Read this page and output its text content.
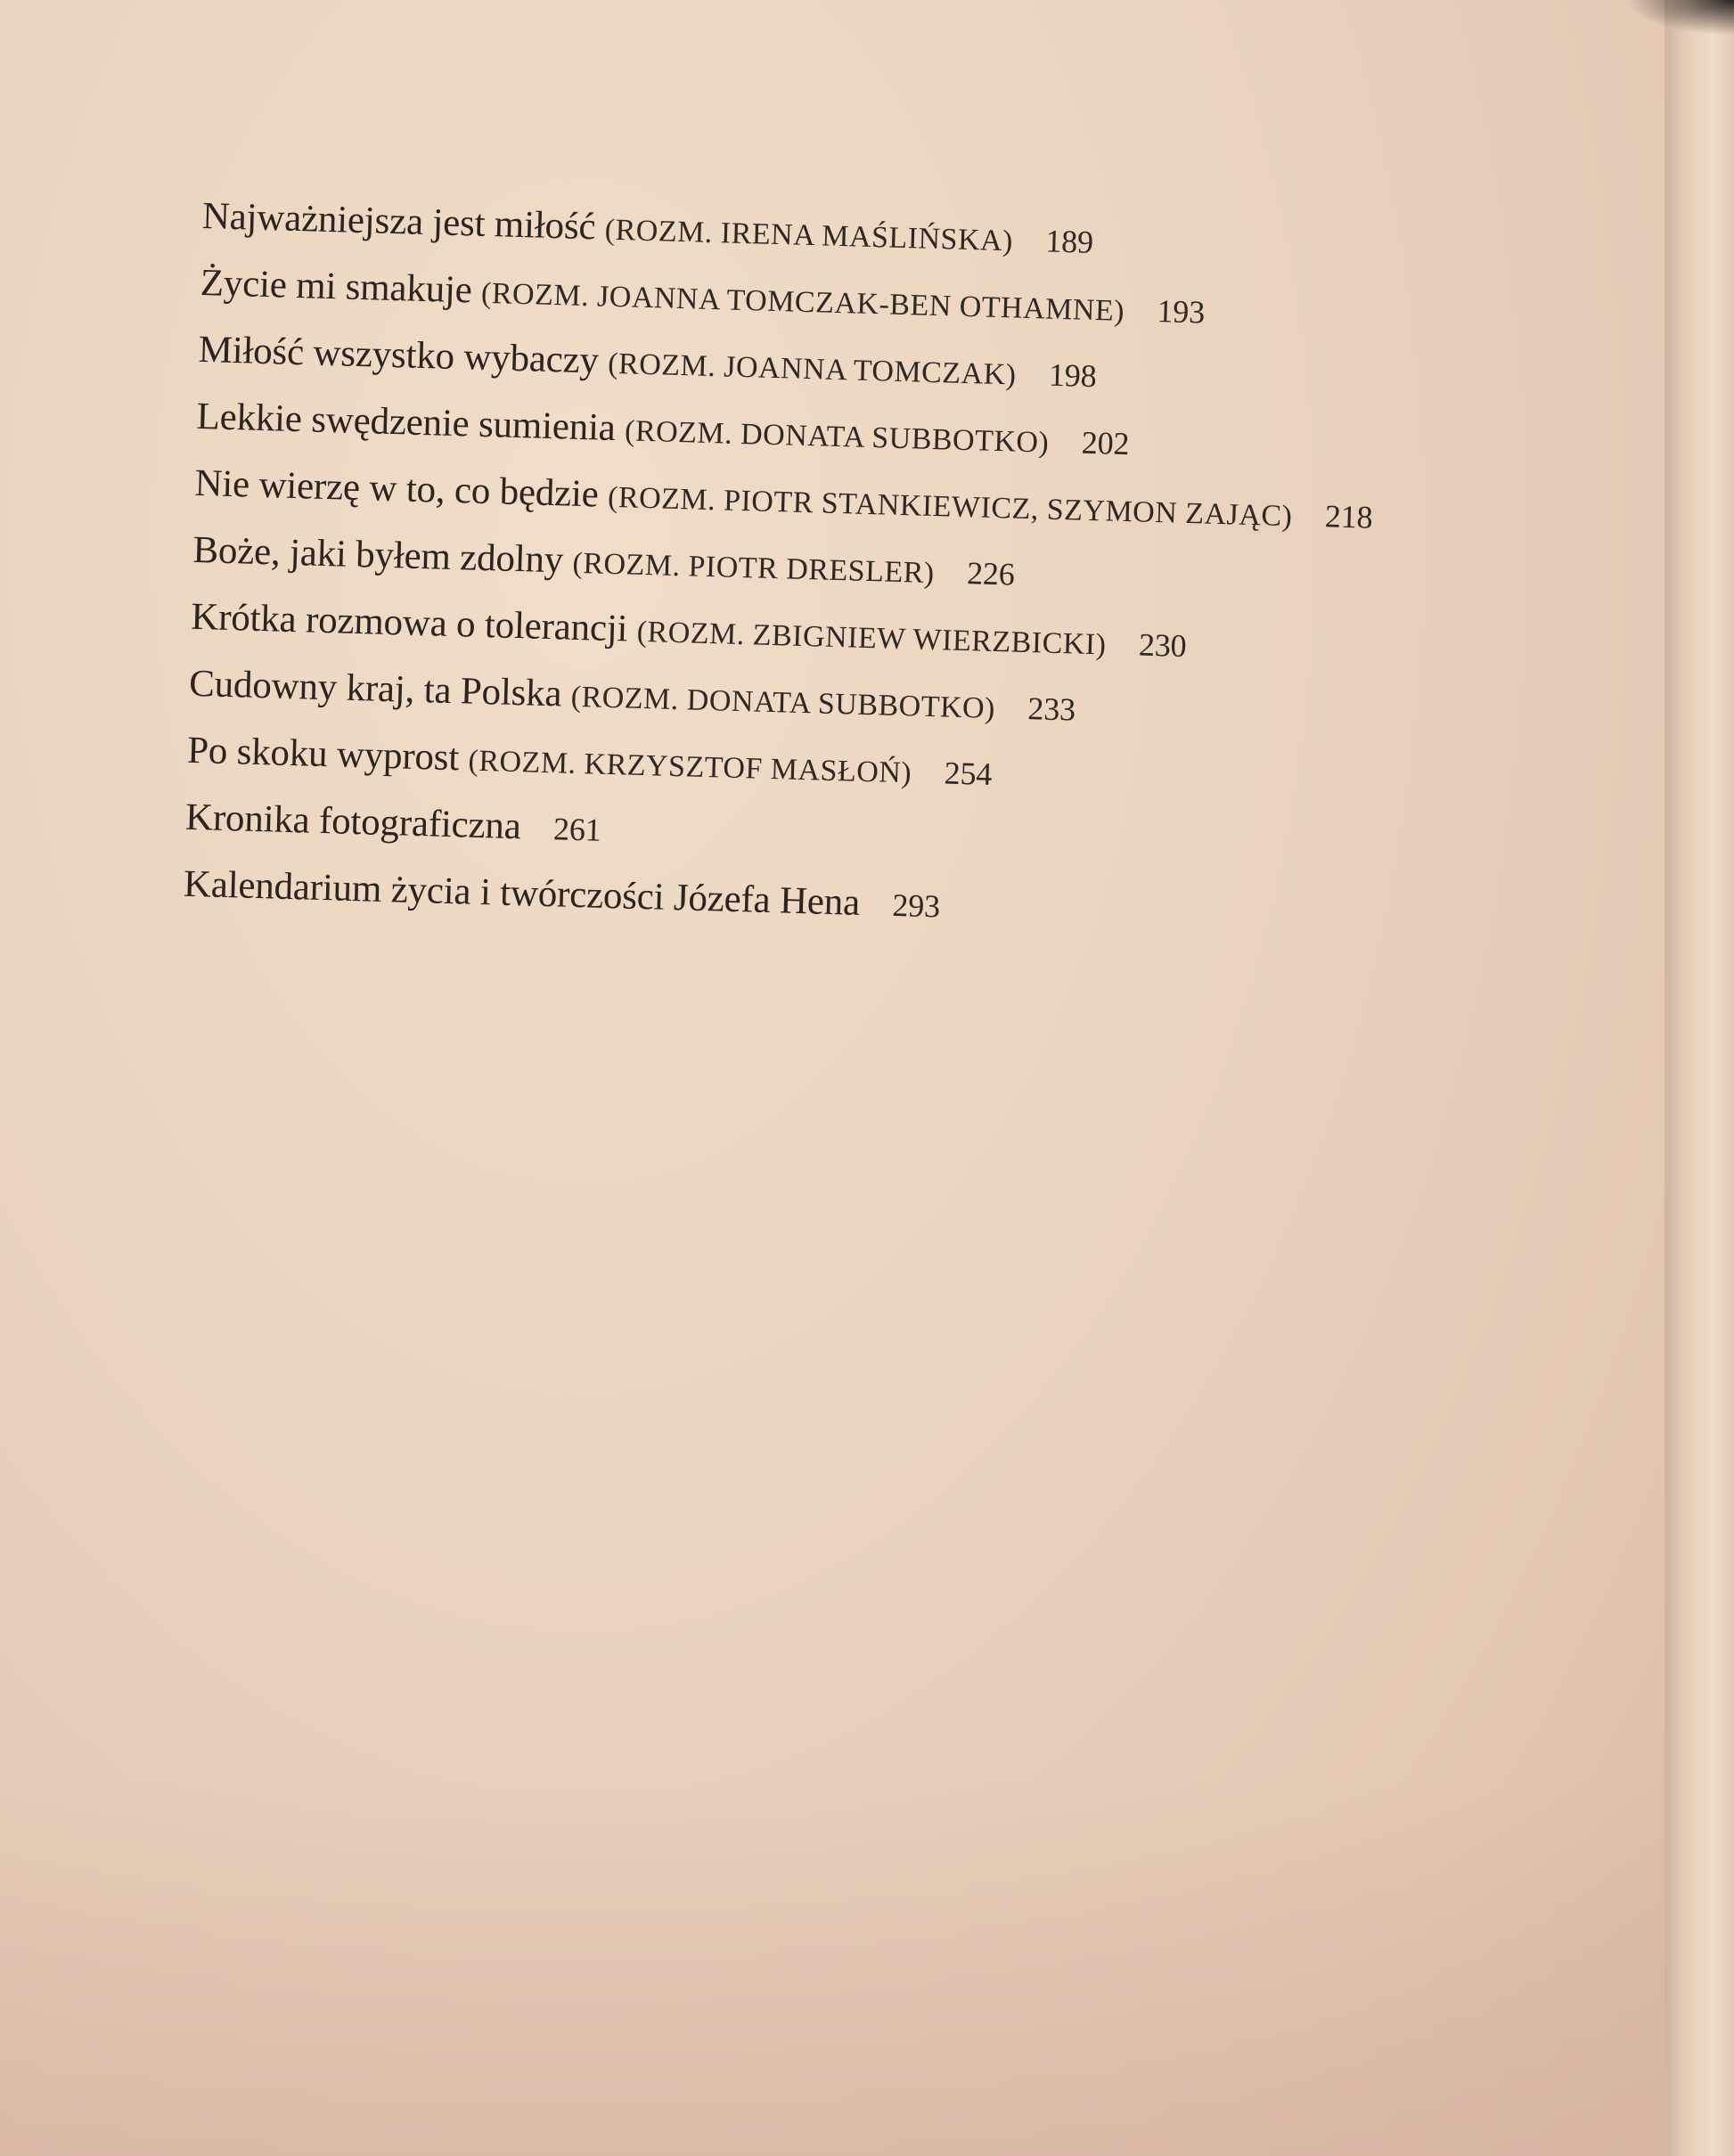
Najważniejsza jest miłość (ROZM. IRENA MAŚLIŃSKA) 189
Życie mi smakuje (ROZM. JOANNA TOMCZAK-BEN OTHAMNE) 193
Miłość wszystko wybaczy (ROZM. JOANNA TOMCZAK) 198
Lekkie swędzenie sumienia (ROZM. DONATA SUBBOTKO) 202
Nie wierzę w to, co będzie (ROZM. PIOTR STANKIEWICZ, SZYMON ZAJĄC) 218
Boże, jaki byłem zdolny (ROZM. PIOTR DRESLER) 226
Krótka rozmowa o tolerancji (ROZM. ZBIGNIEW WIERZBICKI) 230
Cudowny kraj, ta Polska (ROZM. DONATA SUBBOTKO) 233
Po skoku wyprost (ROZM. KRZYSZTOF MASŁOŃ) 254
Kronika fotograficzna 261
Kalendarium życia i twórczości Józefa Hena 293
